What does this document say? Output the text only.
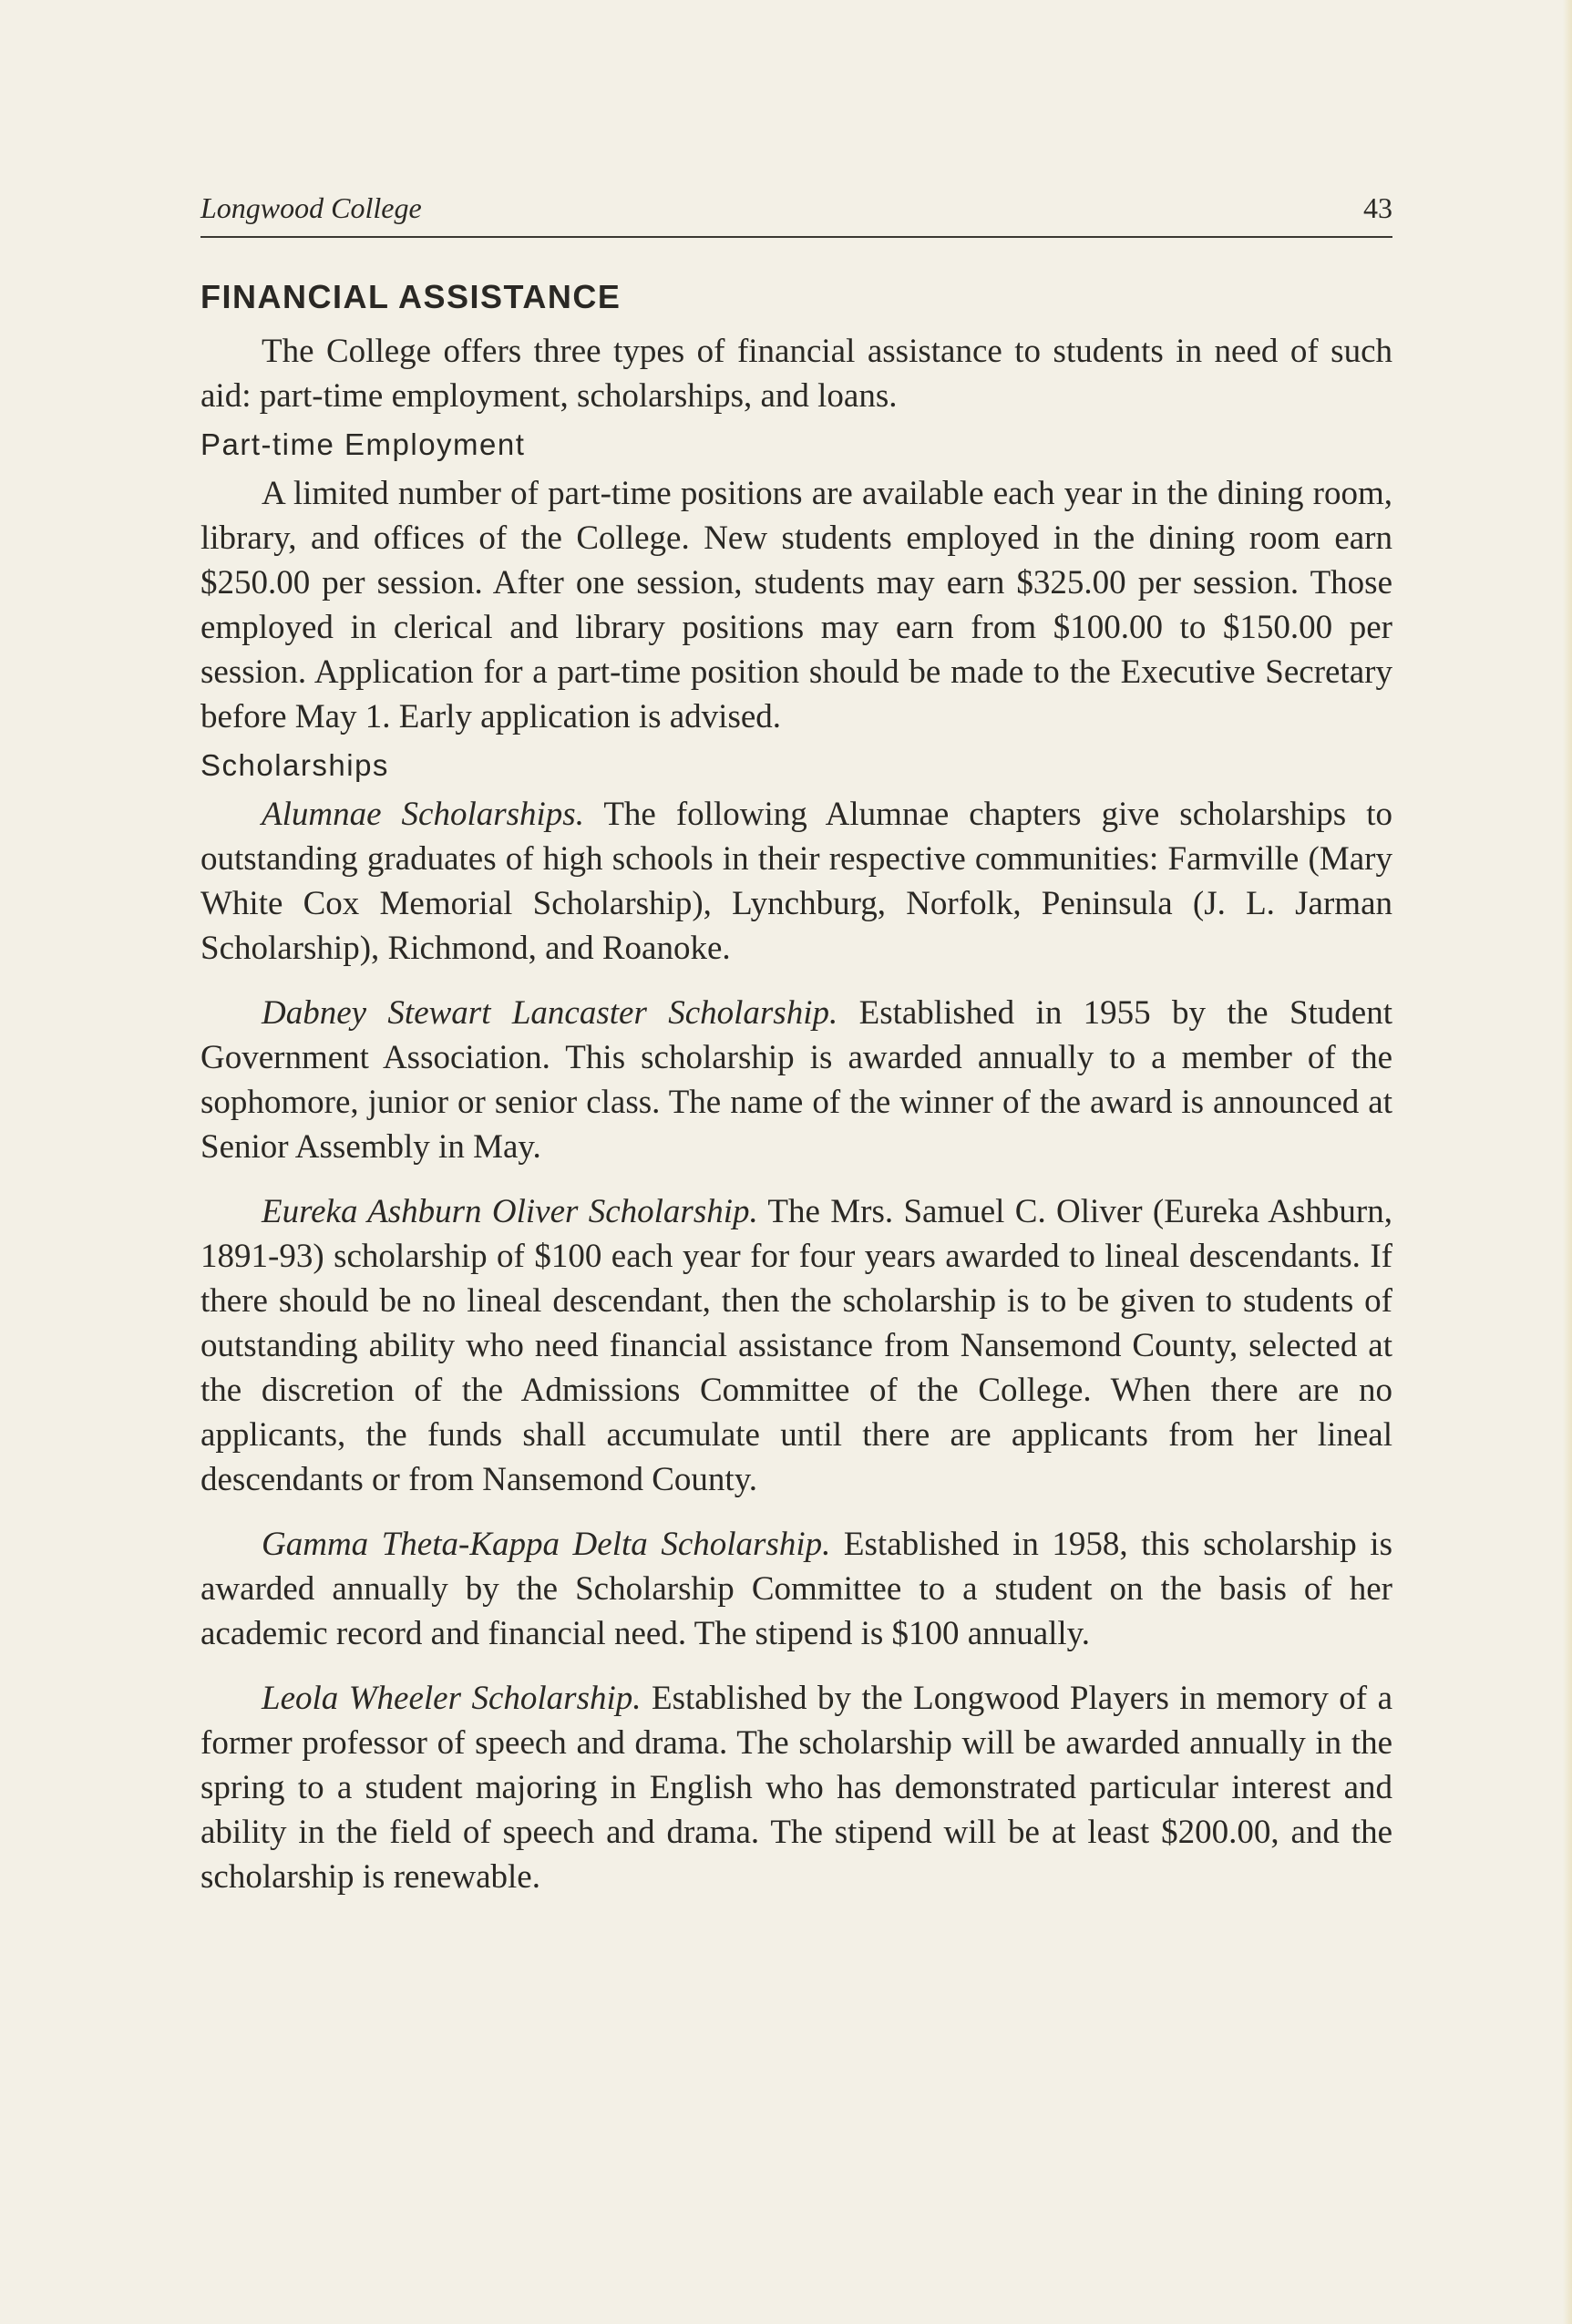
Longwood College	43
FINANCIAL ASSISTANCE

The College offers three types of financial assistance to students in need of such aid: part-time employment, scholarships, and loans.

Part-time Employment

A limited number of part-time positions are available each year in the dining room, library, and offices of the College. New students employed in the dining room earn $250.00 per session. After one session, students may earn $325.00 per session. Those employed in clerical and library positions may earn from $100.00 to $150.00 per session. Application for a part-time position should be made to the Executive Secretary before May 1. Early application is advised.

Scholarships

Alumnae Scholarships. The following Alumnae chapters give scholarships to outstanding graduates of high schools in their respective communities: Farmville (Mary White Cox Memorial Scholarship), Lynchburg, Norfolk, Peninsula (J. L. Jarman Scholarship), Richmond, and Roanoke.

Dabney Stewart Lancaster Scholarship. Established in 1955 by the Student Government Association. This scholarship is awarded annually to a member of the sophomore, junior or senior class. The name of the winner of the award is announced at Senior Assembly in May.

Eureka Ashburn Oliver Scholarship. The Mrs. Samuel C. Oliver (Eureka Ashburn, 1891-93) scholarship of $100 each year for four years awarded to lineal descendants. If there should be no lineal descendant, then the scholarship is to be given to students of outstanding ability who need financial assistance from Nansemond County, selected at the discretion of the Admissions Committee of the College. When there are no applicants, the funds shall accumulate until there are applicants from her lineal descendants or from Nansemond County.

Gamma Theta-Kappa Delta Scholarship. Established in 1958, this scholarship is awarded annually by the Scholarship Committee to a student on the basis of her academic record and financial need. The stipend is $100 annually.

Leola Wheeler Scholarship. Established by the Longwood Players in memory of a former professor of speech and drama. The scholarship will be awarded annually in the spring to a student majoring in English who has demonstrated particular interest and ability in the field of speech and drama. The stipend will be at least $200.00, and the scholarship is renewable.
